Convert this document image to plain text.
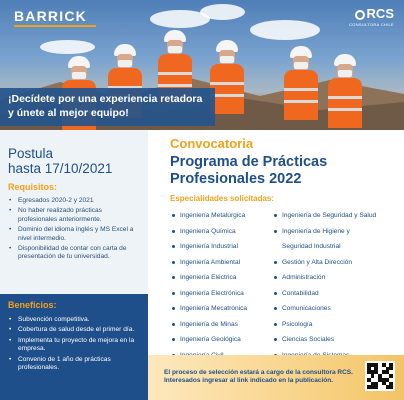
BARRICK	RCS
CONSULTORA CHILE
¡Decídete por una experiencia retadora y únete al mejor equipo!
Postula
hasta 17/10/2021
Requisitos:
• Egresados 2020-2 y 2021
• No haber realizado prácticas profesionales anteriormente.
• Dominio del idioma inglés y MS Excel a nivel intermedio.
• Disponibilidad de contar con carta de presentación de tu universidad.
Beneficios:
• Subvención competitiva.
• Cobertura de salud desde el primer día.
• Implementa tu proyecto de mejora en la empresa.
• Convenio de 1 año de prácticas profesionales.
Convocatoria
Programa de Prácticas
Profesionales 2022
Especialidades solicitadas:
Ingeniería Metalúrgica
Ingeniería Química
Ingeniería Industrial
Ingeniería Ambiental
Ingeniería Eléctrica
Ingeniería Electrónica
Ingeniería Mecatrónica
Ingeniería de Minas
Ingeniería Geológica
Ingeniería de Seguridad y Salud
Ingeniería de Higiene y
Seguridad Industrial
Gestión y Alta Dirección
Administración
Contabilidad
Comunicaciones
Psicología
Ciencias Sociales
El proceso de selección estará a cargo de la consultora RCS. Interesados ingresar al link indicado en la publicación.
